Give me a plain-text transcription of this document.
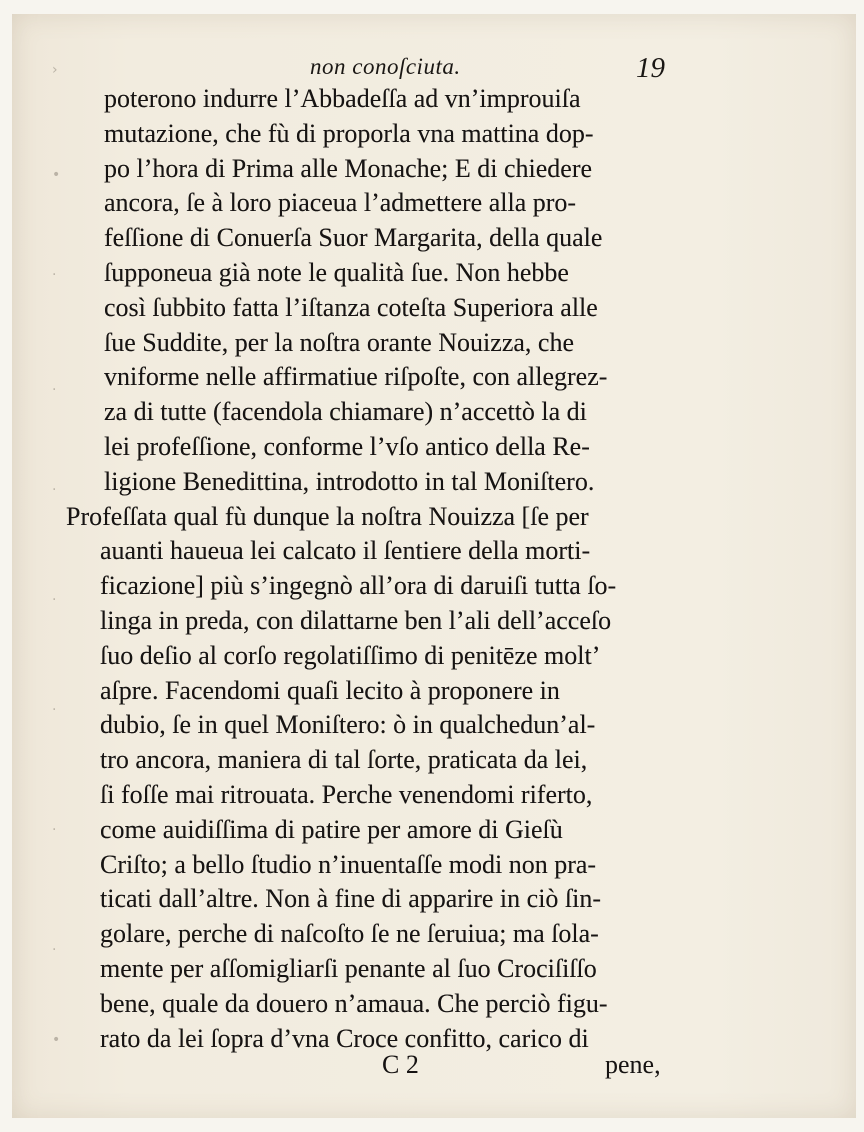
›
•
·
·
·
·
·
·
·
•
non conoſciuta.	19
poterono indurre l’Abbadeſſa ad vn’improuiſa
mutazione, che fù di proporla vna mattina dop-
po l’hora di Prima alle Monache; E di chiedere
ancora, ſe à loro piaceua l’admettere alla pro-
feſſione di Conuerſa Suor Margarita, della quale
ſupponeua già note le qualità ſue. Non hebbe
così ſubbito fatta l’iſtanza coteſta Superiora alle
ſue Suddite, per la noſtra orante Nouizza, che
vniforme nelle affirmatiue riſpoſte, con allegrez-
za di tutte (facendola chiamare) n’accettò la di
lei profeſſione, conforme l’vſo antico della Re-
ligione Benedittina, introdotto in tal Moniſtero.
Profeſſata qual fù dunque la noſtra Nouizza [ſe per
auanti haueua lei calcato il ſentiere della morti-
ficazione] più s’ingegnò all’ora di daruiſi tutta ſo-
linga in preda, con dilattarne ben l’ali dell’acceſo
ſuo deſio al corſo regolatiſſimo di penitēze molt’
aſpre. Facendomi quaſi lecito à proponere in
dubio, ſe in quel Moniſtero: ò in qualchedun’al-
tro ancora, maniera di tal ſorte, praticata da lei,
ſi foſſe mai ritrouata. Perche venendomi riferto,
come auidiſſima di patire per amore di Gieſù
Criſto; a bello ſtudio n’inuentaſſe modi non pra-
ticati dall’altre. Non à fine di apparire in ciò ſin-
golare, perche di naſcoſto ſe ne ſeruiua; ma ſola-
mente per aſſomigliarſi penante al ſuo Crociſiſſo
bene, quale da douero n’amaua. Che perciò figu-
rato da lei ſopra d’vna Croce confitto, carico di
C 2	pene,
